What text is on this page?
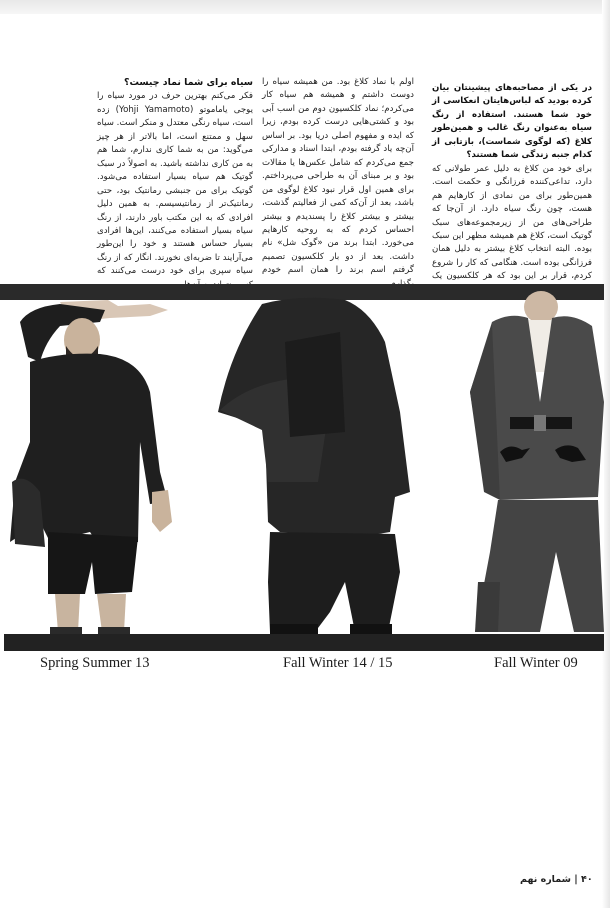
در یکی از مصاحبه‌های پیشینتان بیان کرده بودید که لباس‌هایتان انعکاسی از خود شما هستند. استفاده از رنگ سیاه به‌عنوان رنگ غالب و همین‌طور کلاغ (که لوگوی شماست)، بازتابی از کدام جنبه زندگی شما هستند؟

برای خود من کلاغ به دلیل عمر طولانی که دارد، تداعی‌کننده فرزانگی و حکمت است. همین‌طور برای من نمادی از کارهایم هم هست، چون رنگ سیاه دارد. از آن‌جا که طراحی‌های من از زیرمجموعه‌های سبک گوتیک است، کلاغ هم همیشه مظهر این سبک بوده. البته انتخاب کلاغ بیشتر به دلیل همان فرزانگی بوده است. هنگامی که کار را شروع کردم، قرار بر این بود که هر کلکسیون یک

اولم با نماد کلاغ بود. من همیشه سیاه را دوست داشتم و همیشه هم سیاه کار می‌کردم؛ نماد کلکسیون دوم من اسب آبی بود و کشتی‌هایی درست کرده بودم، زیرا که ایده و مفهوم اصلی دریا بود. بر اساس آن‌چه یاد گرفته بودم، ابتدا اسناد و مدارکی جمع می‌کردم که شامل عکس‌ها یا مقالات بود و بر مبنای آن به طراحی می‌پرداختم. برای همین اول قرار نبود کلاغ لوگوی من باشد، بعد از آن‌که کمی از فعالیتم گذشت، بیشتر و بیشتر کلاغ را پسندیدم و بیشتر احساس کردم که به روحیه کارهایم می‌خورد. ابتدا برند من «گوک شل» نام داشت. بعد از دو بار کلکسیون تصمیم گرفتم اسم برند را همان اسم خودم

سیاه برای شما نماد چیست؟

فکر می‌کنم بهترین حرف در مورد سیاه را یوجی یاماموتو (Yohji Yamamoto) زده است، سیاه رنگی معتدل و منکر است. سیاه سهل و ممتنع است، اما بالاتر از هر چیز می‌گوید: من به شما کاری ندارم، شما هم به من کاری نداشته باشید. به اصولاً در سبک گوتیک هم سیاه بسیار استفاده می‌شود. گوتیک برای من جنبشی رمانتیک بود، حتی رمانتیک‌تر از رمانتیسیسم. به همین دلیل افرادی که به این مکتب باور دارند، از رنگ سیاه بسیار استفاده می‌کنند، این‌ها افرادی بسیار حساس هستند و خود را این‌طور می‌آرایند تا ضربه‌ای نخورند. انگار که از رنگ سیاه سپری برای خود درست می‌کنند که

Spring Summer 13	Fall Winter 14 / 15	Fall Winter 09
۴۰ | شماره نهم
